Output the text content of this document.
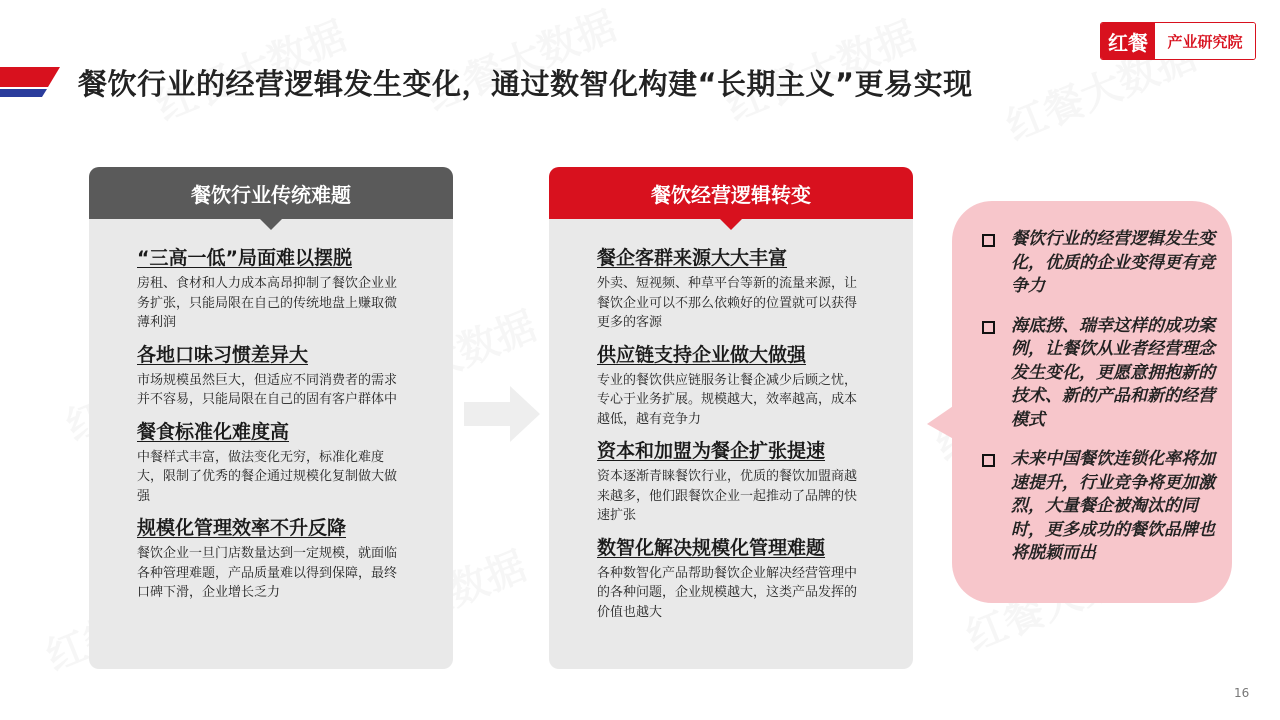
餐饮行业的经营逻辑发生变化，通过数智化构建“长期主义”更易实现
红餐	产业研究院
餐饮行业传统难题
“三高一低”局面难以摆脱
房租、食材和人力成本高昂抑制了餐饮企业业务扩张，只能局限在自己的传统地盘上赚取微薄利润
各地口味习惯差异大
市场规模虽然巨大，但适应不同消费者的需求并不容易，只能局限在自己的固有客户群体中
餐食标准化难度高
中餐样式丰富，做法变化无穷，标准化难度大，限制了优秀的餐企通过规模化复制做大做强
规模化管理效率不升反降
餐饮企业一旦门店数量达到一定规模，就面临各种管理难题，产品质量难以得到保障，最终口碑下滑，企业增长乏力
餐饮经营逻辑转变
餐企客群来源大大丰富
外卖、短视频、种草平台等新的流量来源，让餐饮企业可以不那么依赖好的位置就可以获得更多的客源
供应链支持企业做大做强
专业的餐饮供应链服务让餐企减少后顾之忧，专心于业务扩展。规模越大，效率越高，成本越低，越有竞争力
资本和加盟为餐企扩张提速
资本逐渐青睐餐饮行业，优质的餐饮加盟商越来越多，他们跟餐饮企业一起推动了品牌的快速扩张
数智化解决规模化管理难题
各种数智化产品帮助餐饮企业解决经营管理中的各种问题，企业规模越大，这类产品发挥的价值也越大
餐饮行业的经营逻辑发生变化，优质的企业变得更有竞争力
海底捞、瑞幸这样的成功案例，让餐饮从业者经营理念发生变化，更愿意拥抱新的技术、新的产品和新的经营模式
未来中国餐饮连锁化率将加速提升，行业竞争将更加激烈，大量餐企被淘汰的同时，更多成功的餐饮品牌也将脱颖而出
16
